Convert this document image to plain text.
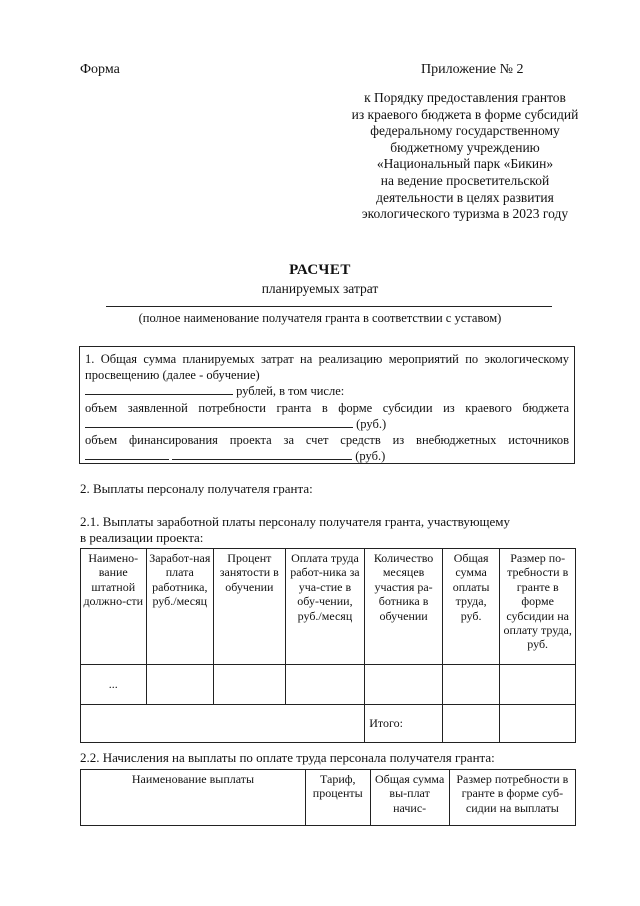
Форма	Приложение № 2
к Порядку предоставления грантов
из краевого бюджета в форме субсидий
федеральному государственному
бюджетному учреждению
«Национальный парк «Бикин»
на ведение просветительской
деятельности в целях развития
экологического туризма в 2023 году
РАСЧЕТ
планируемых затрат
(полное наименование получателя гранта в соответствии с уставом)
1. Общая сумма планируемых затрат на реализацию мероприятий по экологическому
просвещению (далее - обучение)
рублей, в том числе:
объем заявленной потребности гранта в форме субсидии из краевого бюджета
(руб.)
объем финансирования проекта за счет средств из внебюджетных источников
(руб.)
2. Выплаты персоналу получателя гранта:
2.1. Выплаты заработной платы персоналу получателя гранта, участвующему
в реализации проекта:
Наимено-вание штатной должно-сти	Заработ-ная плата работника, руб./месяц	Процент занятости в обучении	Оплата труда работ-ника за уча-стие в обу-чении, руб./месяц	Количество месяцев участия ра-ботника в обучении	Общая сумма оплаты труда, руб.	Размер по-требности в гранте в форме субсидии на оплату труда, руб.
...						
				Итого:		
2.2. Начисления на выплаты по оплате труда персонала получателя гранта:
Наименование выплаты	Тариф, проценты	Общая сумма вы-плат начис-	Размер потребности в гранте в форме суб-сидии на выплаты
